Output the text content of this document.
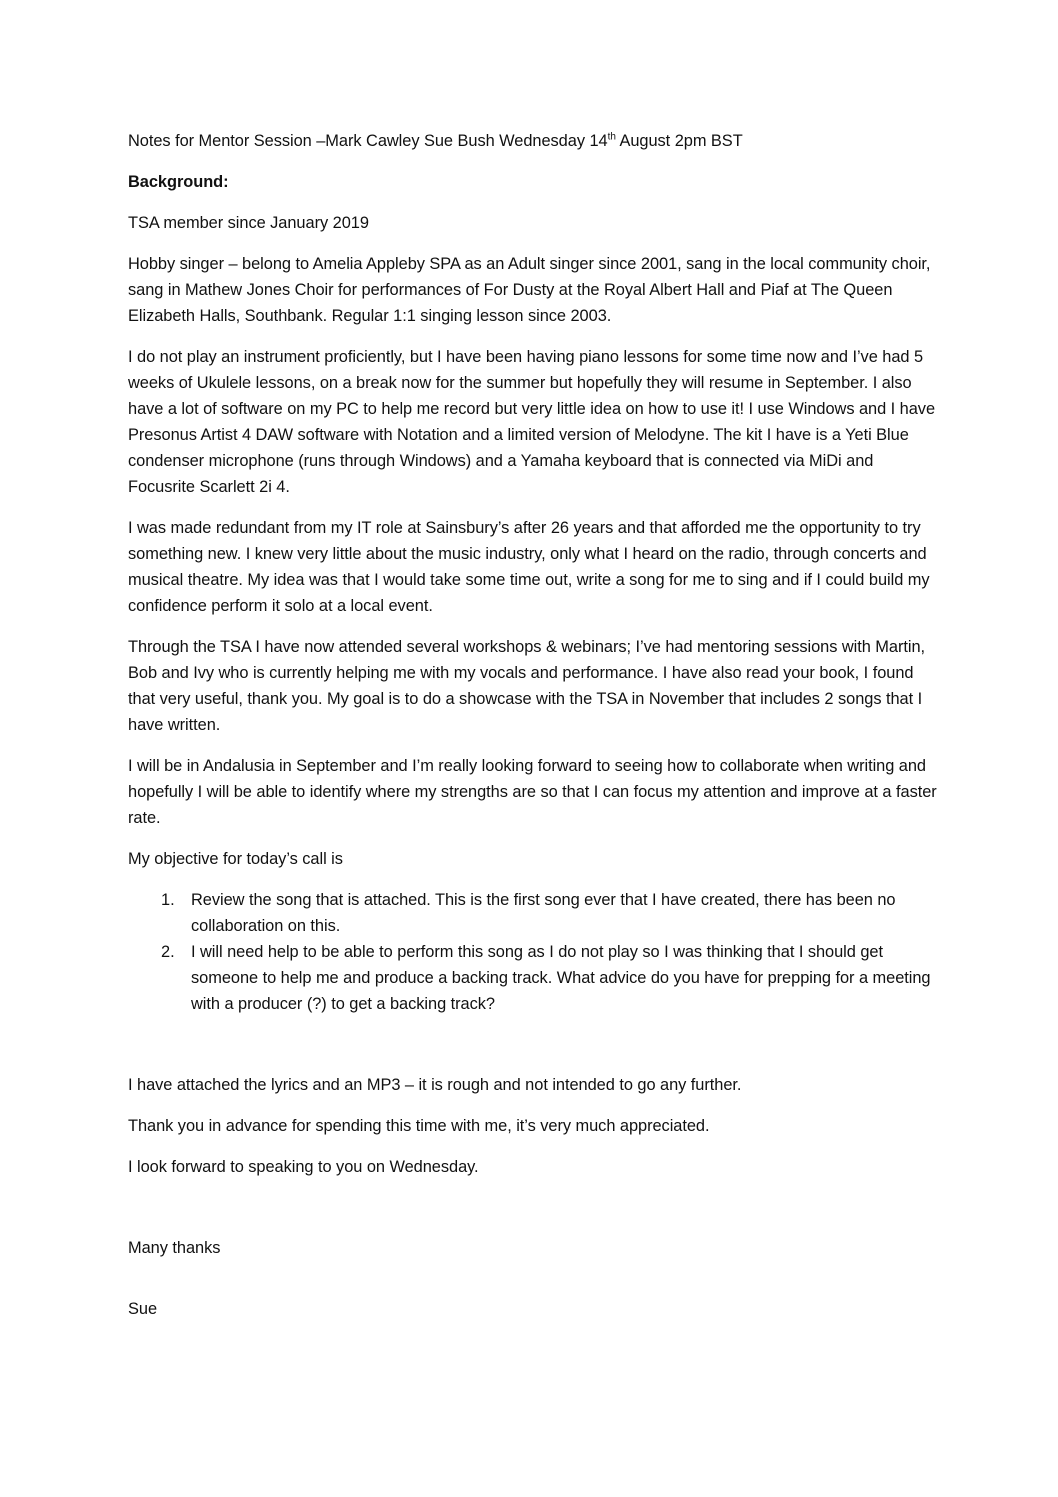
Notes for Mentor Session –Mark Cawley Sue Bush Wednesday 14th August 2pm BST

Background:

TSA member since January 2019

Hobby singer – belong to Amelia Appleby SPA as an Adult singer since 2001, sang in the local community choir, sang in Mathew Jones Choir for performances of For Dusty at the Royal Albert Hall and Piaf at The Queen Elizabeth Halls, Southbank. Regular 1:1 singing lesson since 2003.

I do not play an instrument proficiently, but I have been having piano lessons for some time now and I’ve had 5 weeks of Ukulele lessons, on a break now for the summer but hopefully they will resume in September. I also have a lot of software on my PC to help me record but very little idea on how to use it! I use Windows and I have Presonus Artist 4 DAW software with Notation and a limited version of Melodyne. The kit I have is a Yeti Blue condenser microphone (runs through Windows) and a Yamaha keyboard that is connected via MiDi and Focusrite Scarlett 2i 4.

I was made redundant from my IT role at Sainsbury’s after 26 years and that afforded me the opportunity to try something new. I knew very little about the music industry, only what I heard on the radio, through concerts and musical theatre. My idea was that I would take some time out, write a song for me to sing and if I could build my confidence perform it solo at a local event.

Through the TSA I have now attended several workshops & webinars; I’ve had mentoring sessions with Martin, Bob and Ivy who is currently helping me with my vocals and performance. I have also read your book, I found that very useful, thank you. My goal is to do a showcase with the TSA in November that includes 2 songs that I have written.

I will be in Andalusia in September and I’m really looking forward to seeing how to collaborate when writing and hopefully I will be able to identify where my strengths are so that I can focus my attention and improve at a faster rate.

My objective for today’s call is

1. Review the song that is attached. This is the first song ever that I have created, there has been no collaboration on this.
2. I will need help to be able to perform this song as I do not play so I was thinking that I should get someone to help me and produce a backing track. What advice do you have for prepping for a meeting with a producer (?) to get a backing track?

I have attached the lyrics and an MP3 – it is rough and not intended to go any further.

Thank you in advance for spending this time with me, it’s very much appreciated.

I look forward to speaking to you on Wednesday.

Many thanks

Sue
